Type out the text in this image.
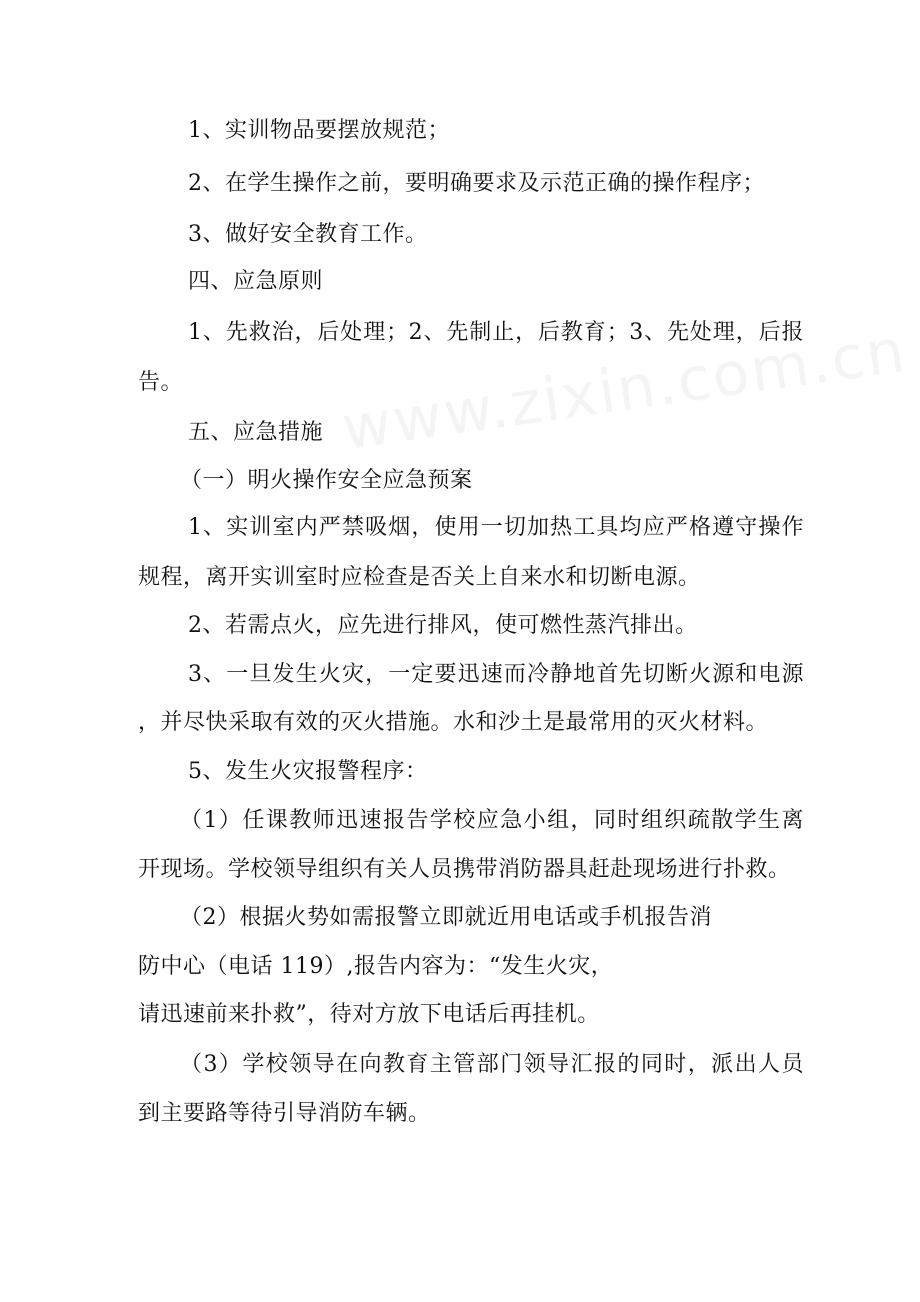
1、实训物品要摆放规范；
2、在学生操作之前，要明确要求及示范正确的操作程序；
3、做好安全教育工作。
四、应急原则
1、先救治，后处理；2、先制止，后教育；3、先处理，后报
告。
五、应急措施
（一）明火操作安全应急预案
1、实训室内严禁吸烟，使用一切加热工具均应严格遵守操作
规程，离开实训室时应检查是否关上自来水和切断电源。
2、若需点火，应先进行排风，使可燃性蒸汽排出。
3、一旦发生火灾，一定要迅速而冷静地首先切断火源和电源
，并尽快采取有效的灭火措施。水和沙土是最常用的灭火材料。
5、发生火灾报警程序：
（1）任课教师迅速报告学校应急小组，同时组织疏散学生离
开现场。学校领导组织有关人员携带消防器具赶赴现场进行扑救。
（2）根据火势如需报警立即就近用电话或手机报告消
防中心（电话 119）,报告内容为：“发生火灾，
请迅速前来扑救”，待对方放下电话后再挂机。
（3）学校领导在向教育主管部门领导汇报的同时，派出人员
到主要路等待引导消防车辆。
